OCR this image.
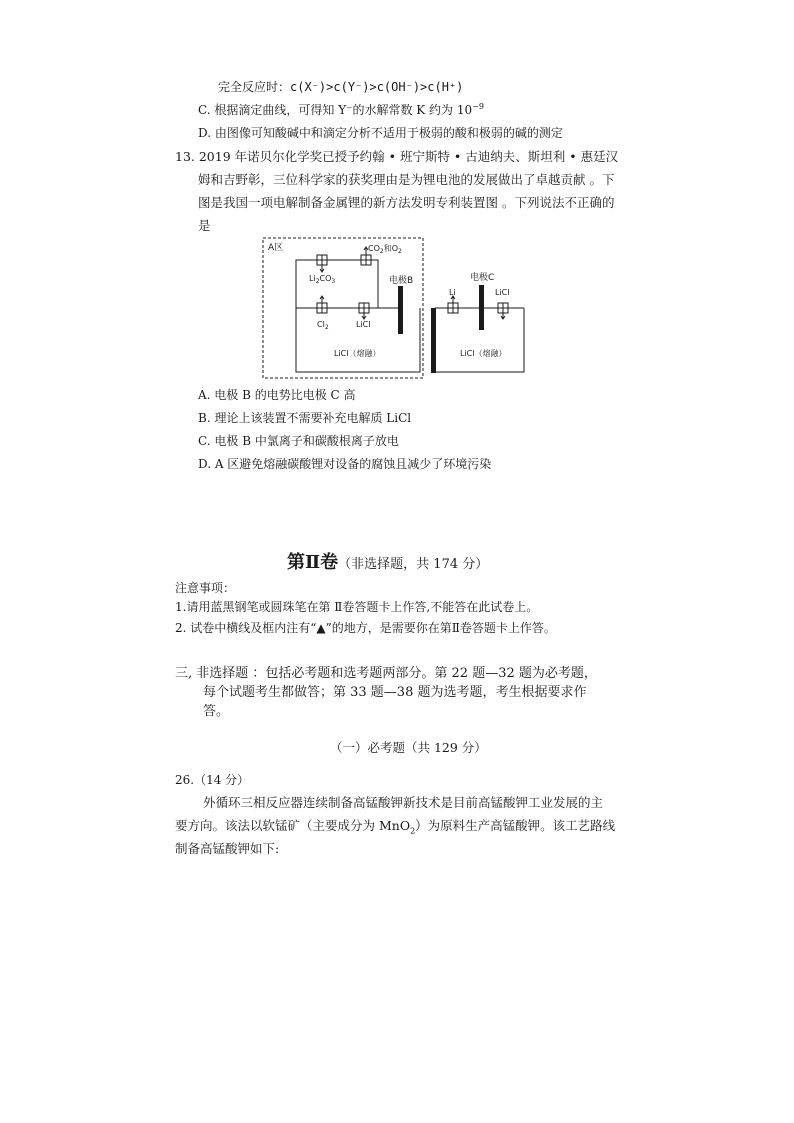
完全反应时：c(X⁻)>c(Y⁻)>c(OH⁻)>c(H⁺)
C. 根据滴定曲线，可得知 Y⁻的水解常数 K 约为 $10^{-9}$
D. 由图像可知酸碱中和滴定分析不适用于极弱的酸和极弱的碱的测定
13. 2019 年诺贝尔化学奖已授予约翰 • 班宁斯特 • 古迪纳夫、斯坦利 • 惠廷汉
姆和吉野彰，三位科学家的获奖理由是为锂电池的发展做出了卓越贡献 。下
图是我国一项电解制备金属锂的新方法发明专利装置图 。下列说法不正确的
是
A区	$CO_2$和$O_2$
$Li_2CO_3$
$Cl_2$	LiCl
电极B	电极C
Li	LiCl
LiCl（熔融）	LiCl（熔融）
A. 电极 B 的电势比电极 C 高
B. 理论上该装置不需要补充电解质 LiCl
C. 电极 B 中氯离子和碳酸根离子放电
D. A 区避免熔融碳酸锂对设备的腐蚀且减少了环境污染
第Ⅱ卷（非选择题，共 174 分）
注意事项：
1.请用蓝黑钢笔或圆珠笔在第 Ⅱ卷答题卡上作答,不能答在此试卷上。
2. 试卷中横线及框内注有“▲”的地方，是需要你在第Ⅱ卷答题卡上作答。
三, 非选择题 ：包括必考题和选考题两部分。第 22 题—32 题为必考题，
每个试题考生都做答；第 33 题—38 题为选考题，考生根据要求作
答。
（一）必考题（共 129 分）
26.（14 分）
外循环三相反应器连续制备高锰酸钾新技术是目前高锰酸钾工业发展的主
要方向。该法以软锰矿（主要成分为 MnO$_2$）为原料生产高锰酸钾。该工艺路线
制备高锰酸钾如下:
